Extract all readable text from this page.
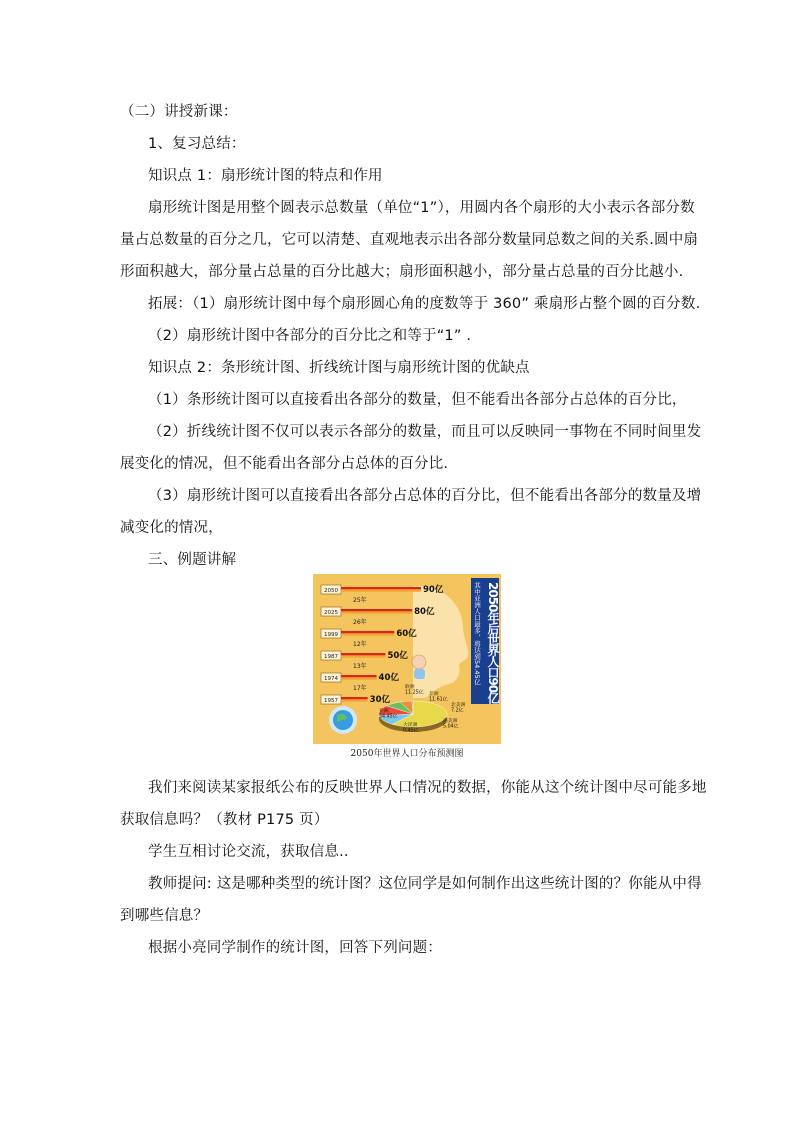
（二）讲授新课：
1、复习总结：
知识点 1：扇形统计图的特点和作用
扇形统计图是用整个圆表示总数量（单位“1”），用圆内各个扇形的大小表示各部分数
量占总数量的百分之几，它可以清楚、直观地表示出各部分数量同总数之间的关系.圆中扇
形面积越大，部分量占总量的百分比越大；扇形面积越小，部分量占总量的百分比越小.
拓展：（1）扇形统计图中每个扇形圆心角的度数等于 360” 乘扇形占整个圆的百分数.
（2）扇形统计图中各部分的百分比之和等于“1” .
知识点 2：条形统计图、折线统计图与扇形统计图的优缺点
（1）条形统计图可以直接看出各部分的数量，但不能看出各部分占总体的百分比，
（2）折线统计图不仅可以表示各部分的数量，而且可以反映同一事物在不同时间里发
展变化的情况，但不能看出各部分占总体的百分比.
（3）扇形统计图可以直接看出各部分占总体的百分比，但不能看出各部分的数量及增
减变化的情况，
三、例题讲解
2050年后世界人口90亿
其中亚洲人口最多，将达到54.45亿
2050	90亿
25年
2025	80亿
26年
1999	60亿
12年
1987	50亿
13年
1974	40亿
17年
1957	30亿
亚洲
54.45亿
欧洲
11.25亿 非洲
11.61亿
北美洲
7.2亿
南美洲
5.04亿
大洋洲
0.45亿
2050年世界人口分布预测图
我们来阅读某家报纸公布的反映世界人口情况的数据，你能从这个统计图中尽可能多地
获取信息吗？（教材 P175 页）
学生互相讨论交流，获取信息..
教师提问: 这是哪种类型的统计图？这位同学是如何制作出这些统计图的？你能从中得
到哪些信息？
根据小亮同学制作的统计图，回答下列问题：
